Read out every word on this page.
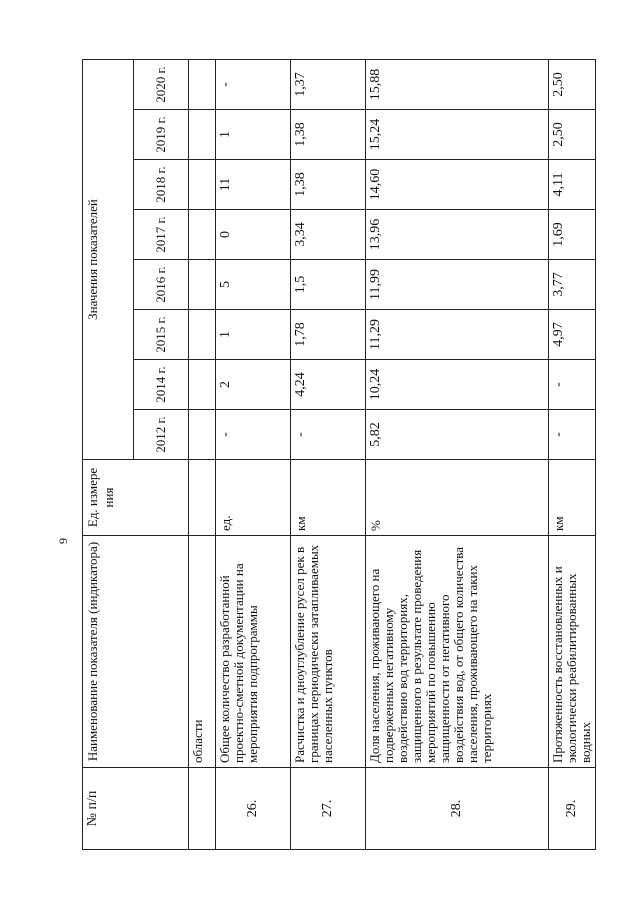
9
№ п/п	Наименование показателя (индикатора)	Ед. измере ния	Значения показателей							
			2012 г.	2014 г.	2015 г.	2016 г.	2017 г.	2018 г.	2019 г.	2020 г.
	области									
26.	Общее количество разработанной проектно-сметной документации на мероприятия подпрограммы	ед.	-	2	1	5	0	11	1	-
27.	Расчистка и дноуглубление русел рек в границах периодически затапливаемых населенных пунктов	км	-	4,24	1,78	1,5	3,34	1,38	1,38	1,37
28.	Доля населения, проживающего на подверженных негативному воздействию вод территориях, защищенного в результате проведения мероприятий по повышению защищенности от негативного воздействия вод, от общего количества населения, проживающего на таких территориях	%	5,82	10,24	11,29	11,99	13,96	14,60	15,24	15,88
29.	Протяженность восстановленных и экологически реабилитированных водных	км	-	-	4,97	3,77	1,69	4,11	2,50	2,50
